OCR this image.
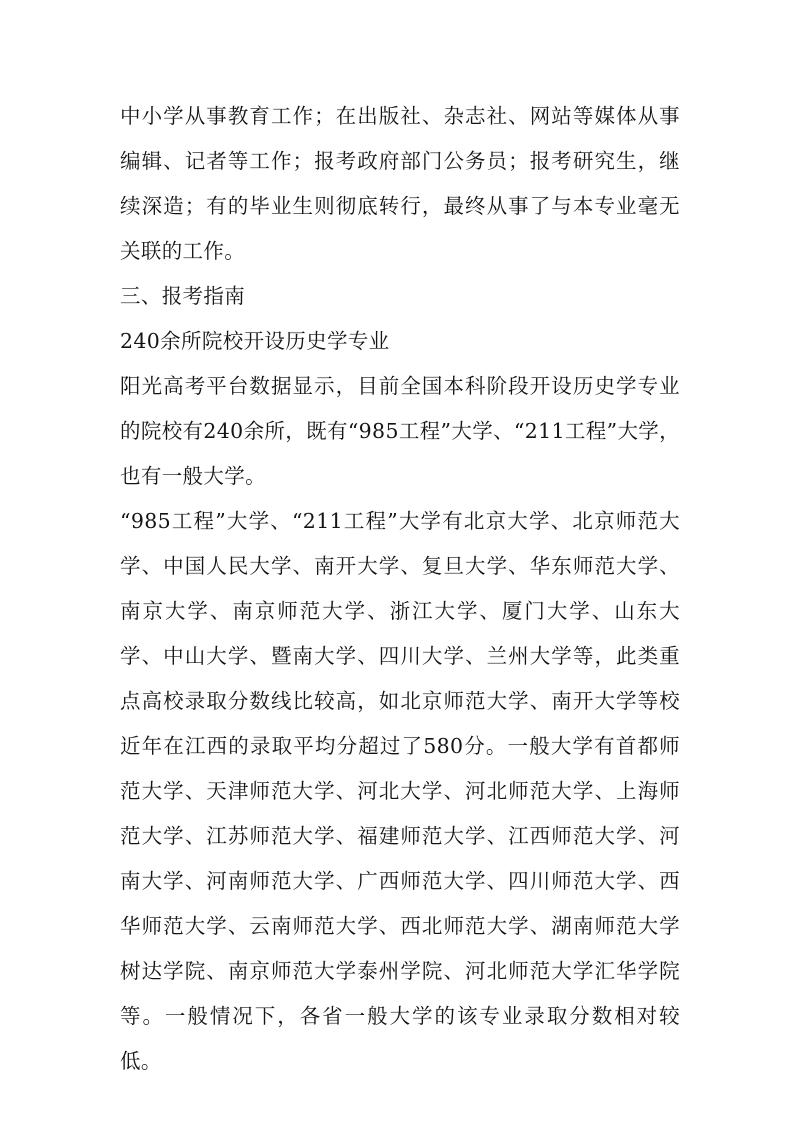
中小学从事教育工作；在出版社、杂志社、网站等媒体从事编辑、记者等工作；报考政府部门公务员；报考研究生，继续深造；有的毕业生则彻底转行，最终从事了与本专业毫无关联的工作。

三、报考指南

240余所院校开设历史学专业

阳光高考平台数据显示，目前全国本科阶段开设历史学专业的院校有240余所，既有“985工程”大学、“211工程”大学，也有一般大学。

“985工程”大学、“211工程”大学有北京大学、北京师范大学、中国人民大学、南开大学、复旦大学、华东师范大学、南京大学、南京师范大学、浙江大学、厦门大学、山东大学、中山大学、暨南大学、四川大学、兰州大学等，此类重点高校录取分数线比较高，如北京师范大学、南开大学等校近年在江西的录取平均分超过了580分。一般大学有首都师范大学、天津师范大学、河北大学、河北师范大学、上海师范大学、江苏师范大学、福建师范大学、江西师范大学、河南大学、河南师范大学、广西师范大学、四川师范大学、西华师范大学、云南师范大学、西北师范大学、湖南师范大学树达学院、南京师范大学泰州学院、河北师范大学汇华学院等。一般情况下，各省一般大学的该专业录取分数相对较低。
